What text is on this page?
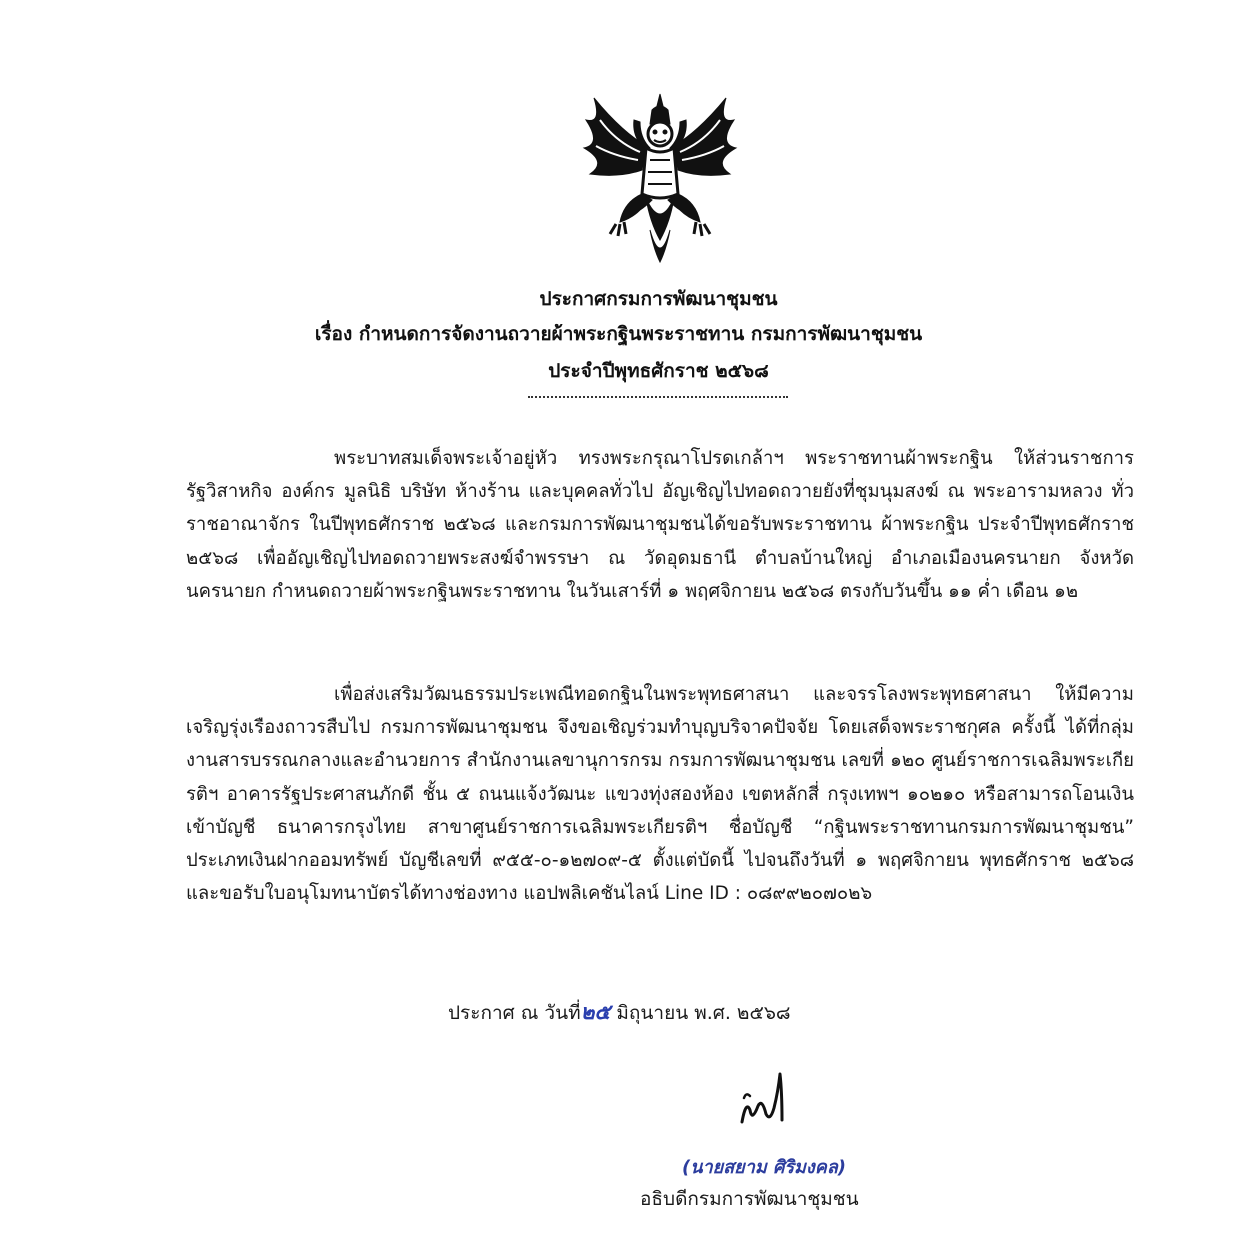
ประกาศกรมการพัฒนาชุมชน
เรื่อง กำหนดการจัดงานถวายผ้าพระกฐินพระราชทาน กรมการพัฒนาชุมชน
ประจำปีพุทธศักราช ๒๕๖๘
พระบาทสมเด็จพระเจ้าอยู่หัว ทรงพระกรุณาโปรดเกล้าฯ พระราชทานผ้าพระกฐิน ให้ส่วนราชการรัฐวิสาหกิจ องค์กร มูลนิธิ บริษัท ห้างร้าน และบุคคลทั่วไป อัญเชิญไปทอดถวายยังที่ชุมนุมสงฆ์ ณ พระอารามหลวง ทั่วราชอาณาจักร ในปีพุทธศักราช ๒๕๖๘ และกรมการพัฒนาชุมชนได้ขอรับพระราชทาน ผ้าพระกฐิน ประจำปีพุทธศักราช ๒๕๖๘ เพื่ออัญเชิญไปทอดถวายพระสงฆ์จำพรรษา ณ วัดอุดมธานี ตำบลบ้านใหญ่ อำเภอเมืองนครนายก จังหวัดนครนายก กำหนดถวายผ้าพระกฐินพระราชทาน ในวันเสาร์ที่ ๑ พฤศจิกายน ๒๕๖๘ ตรงกับวันขึ้น ๑๑ ค่ำ เดือน ๑๒
เพื่อส่งเสริมวัฒนธรรมประเพณีทอดกฐินในพระพุทธศาสนา และจรรโลงพระพุทธศาสนา ให้มีความเจริญรุ่งเรืองถาวรสืบไป กรมการพัฒนาชุมชน จึงขอเชิญร่วมทำบุญบริจาคปัจจัย โดยเสด็จพระราชกุศล ครั้งนี้ ได้ที่กลุ่มงานสารบรรณกลางและอำนวยการ สำนักงานเลขานุการกรม กรมการพัฒนาชุมชน เลขที่ ๑๒๐ ศูนย์ราชการเฉลิมพระเกียรติฯ อาคารรัฐประศาสนภักดี ชั้น ๕ ถนนแจ้งวัฒนะ แขวงทุ่งสองห้อง เขตหลักสี่ กรุงเทพฯ ๑๐๒๑๐ หรือสามารถโอนเงินเข้าบัญชี ธนาคารกรุงไทย สาขาศูนย์ราชการเฉลิมพระเกียรติฯ ชื่อบัญชี “กฐินพระราชทานกรมการพัฒนาชุมชน” ประเภทเงินฝากออมทรัพย์ บัญชีเลขที่ ๙๕๕-๐-๑๒๗๐๙-๕ ตั้งแต่บัดนี้ ไปจนถึงวันที่ ๑ พฤศจิกายน พุทธศักราช ๒๕๖๘ และขอรับใบอนุโมทนาบัตรได้ทางช่องทาง แอปพลิเคชันไลน์ Line ID : ๐๘๙๙๒๐๗๐๒๖
ประกาศ ณ วันที่๒๕ มิถุนายน พ.ศ. ๒๕๖๘
(นายสยาม ศิริมงคล)
อธิบดีกรมการพัฒนาชุมชน
